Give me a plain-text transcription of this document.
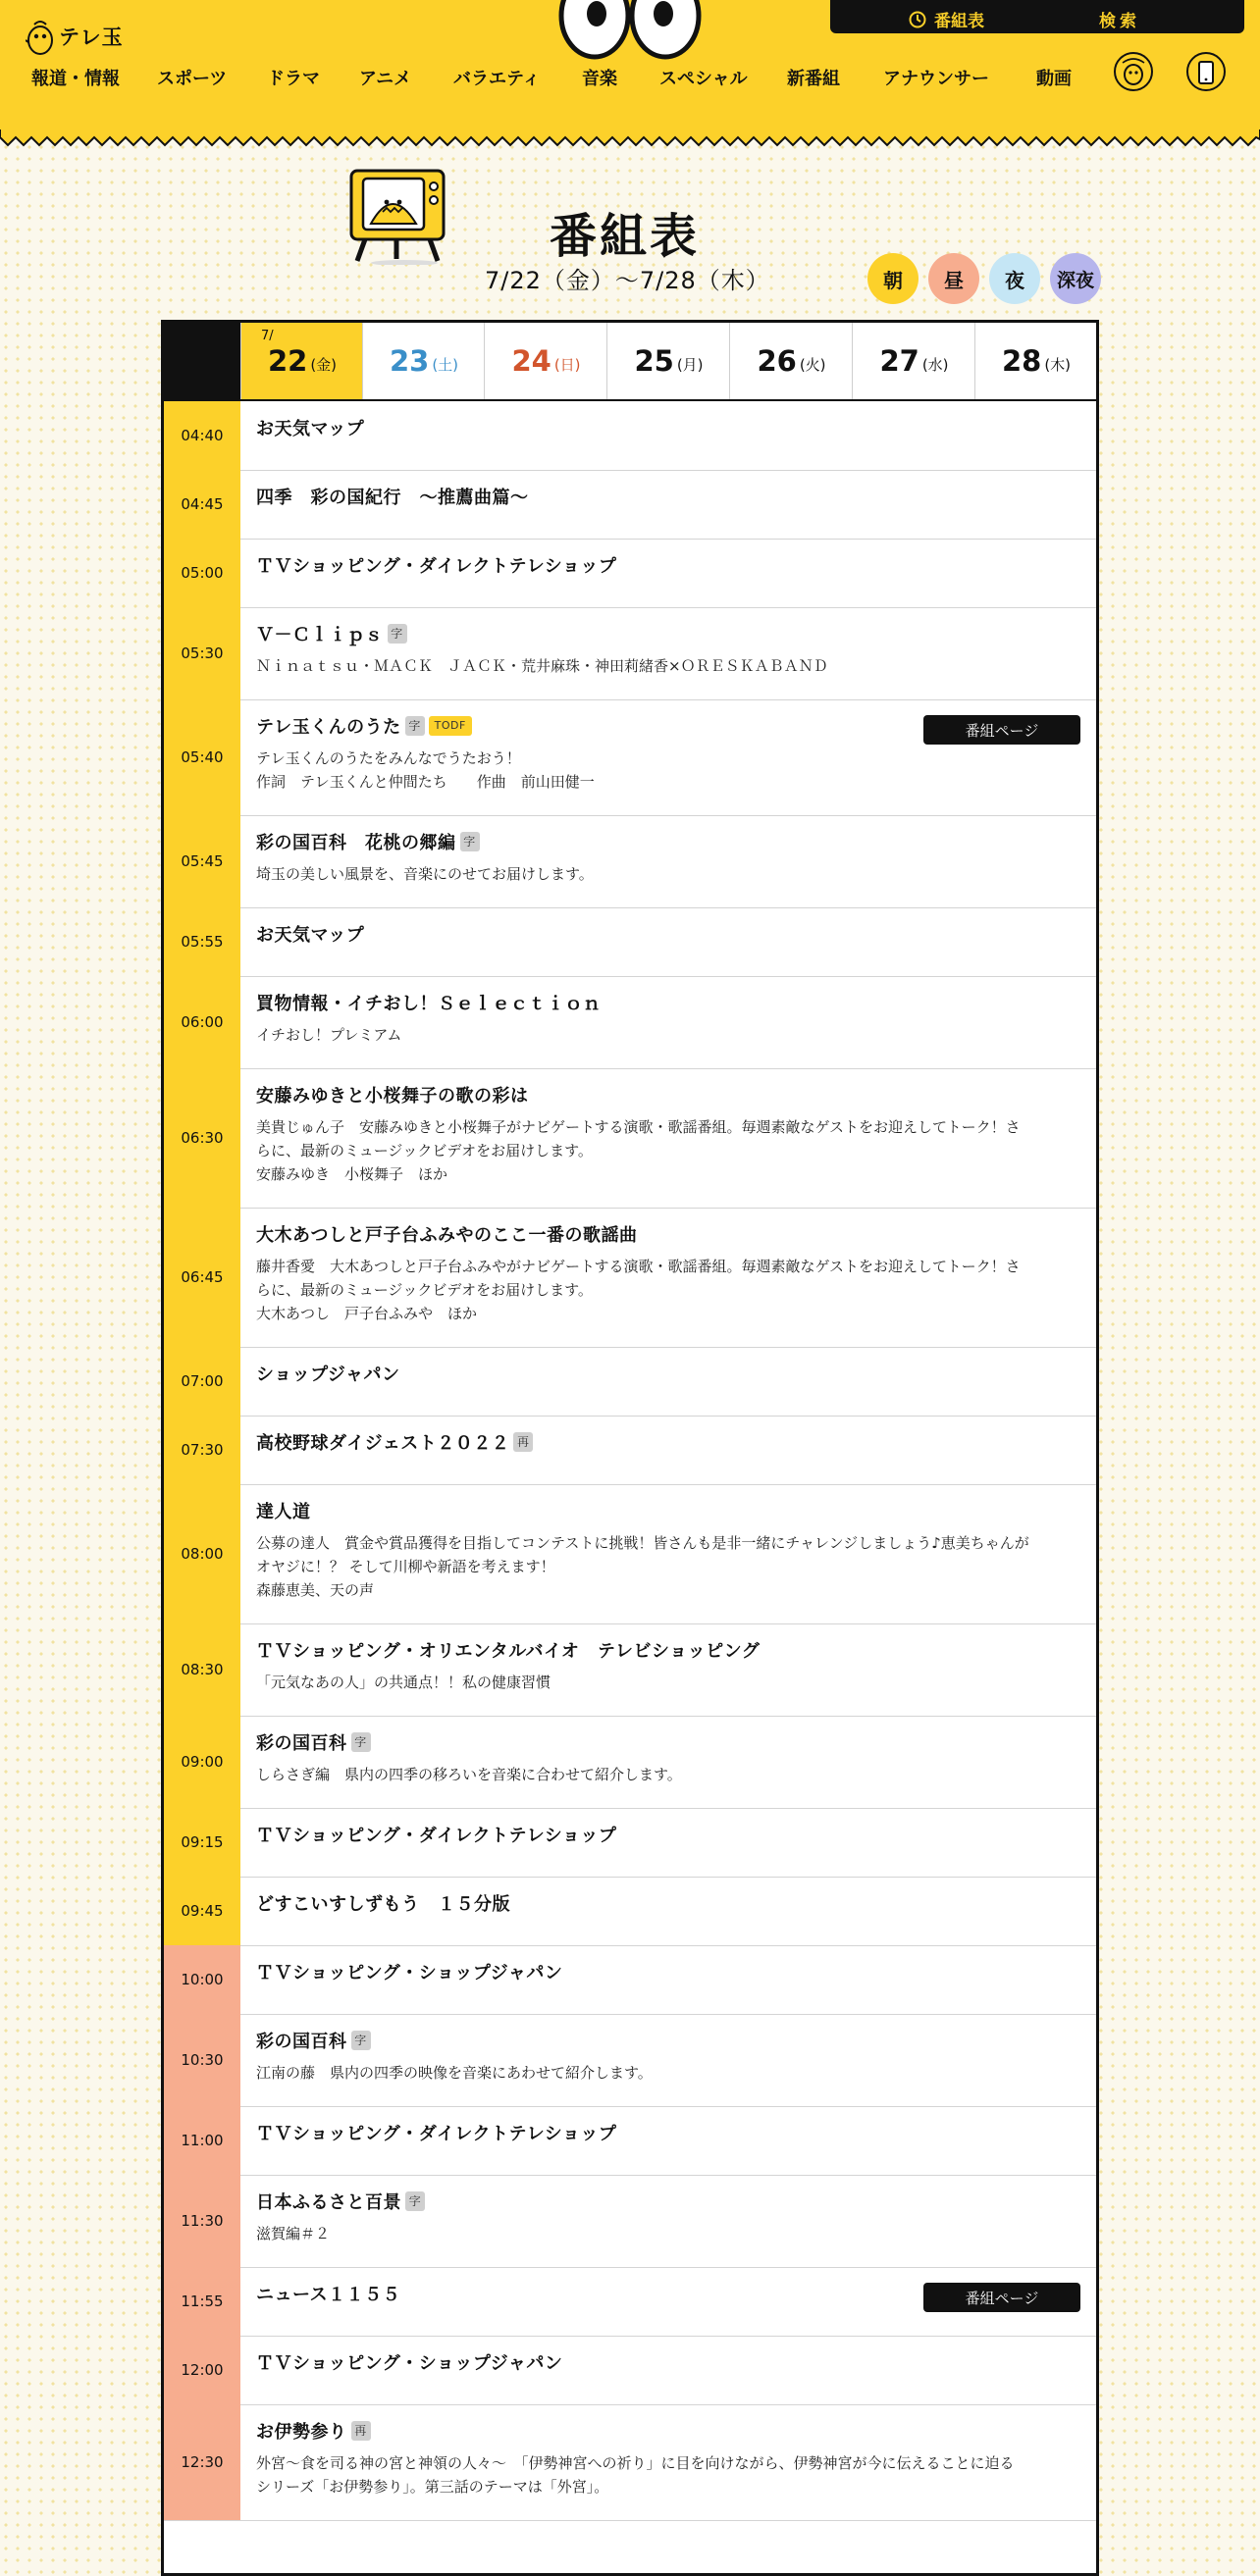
テレ玉
番組表	検索
報道・情報 スポーツ ドラマ アニメ バラエティ 音楽 スペシャル 新番組 アナウンサー	動画
番組表
7/22（金）〜7/28（木）	朝	昼	夜	深夜
7/
22 (金) 23 (土) 24 (日) 25 (月) 26 (火) 27 (水) 28 (木)
04:40	お天気マップ
04:45	四季　彩の国紀行　～推薦曲篇～
05:00	ＴＶショッピング・ダイレクトテレショップ
05:30
Ｖ－Ｃｌｉｐｓ 字
Ｎｉｎａｔｓｕ・ＭＡＣＫ　ＪＡＣＫ・荒井麻珠・神田莉緒香×ＯＲＥＳＫＡＢＡＮＤ
05:40
テレ玉くんのうた 字	TODF
テレ玉くんのうたをみんなでうたおう！
作詞　テレ玉くんと仲間たち　　作曲　前山田健一
番組ページ
05:45
彩の国百科　花桃の郷編 字
埼玉の美しい風景を、音楽にのせてお届けします。
05:55	お天気マップ
06:00
買物情報・イチおし！Ｓｅｌｅｃｔｉｏｎ
イチおし！プレミアム
06:30
安藤みゆきと小桜舞子の歌の彩は
美貴じゅん子　安藤みゆきと小桜舞子がナビゲートする演歌・歌謡番組。毎週素敵なゲストをお迎えしてトーク！さ
らに、最新のミュージックビデオをお届けします。
安藤みゆき　小桜舞子　ほか
06:45
大木あつしと戸子台ふみやのここ一番の歌謡曲
藤井香愛　大木あつしと戸子台ふみやがナビゲートする演歌・歌謡番組。毎週素敵なゲストをお迎えしてトーク！さ
らに、最新のミュージックビデオをお届けします。
大木あつし　戸子台ふみや　ほか
07:00	ショップジャパン
07:30	高校野球ダイジェスト２０２２ 再
08:00
達人道
公募の達人　賞金や賞品獲得を目指してコンテストに挑戦！皆さんも是非一緒にチャレンジしましょう♪恵美ちゃんが
オヤジに！？ そして川柳や新語を考えます！
森藤恵美、天の声
08:30
ＴＶショッピング・オリエンタルバイオ　テレビショッピング
「元気なあの人」の共通点！！私の健康習慣
09:00
彩の国百科 字
しらさぎ編　県内の四季の移ろいを音楽に合わせて紹介します。
09:15	ＴＶショッピング・ダイレクトテレショップ
09:45	どすこいすしずもう　１５分版
10:00	ＴＶショッピング・ショップジャパン
10:30
彩の国百科 字
江南の藤　県内の四季の映像を音楽にあわせて紹介します。
11:00	ＴＶショッピング・ダイレクトテレショップ
11:30
日本ふるさと百景 字
滋賀編＃２
11:55	ニュース１１５５	番組ページ
12:00	ＴＶショッピング・ショップジャパン
12:30
お伊勢参り 再
外宮～食を司る神の宮と神領の人々～　「伊勢神宮への祈り」に目を向けながら、伊勢神宮が今に伝えることに迫る
シリーズ「お伊勢参り」。第三話のテーマは「外宮」。
